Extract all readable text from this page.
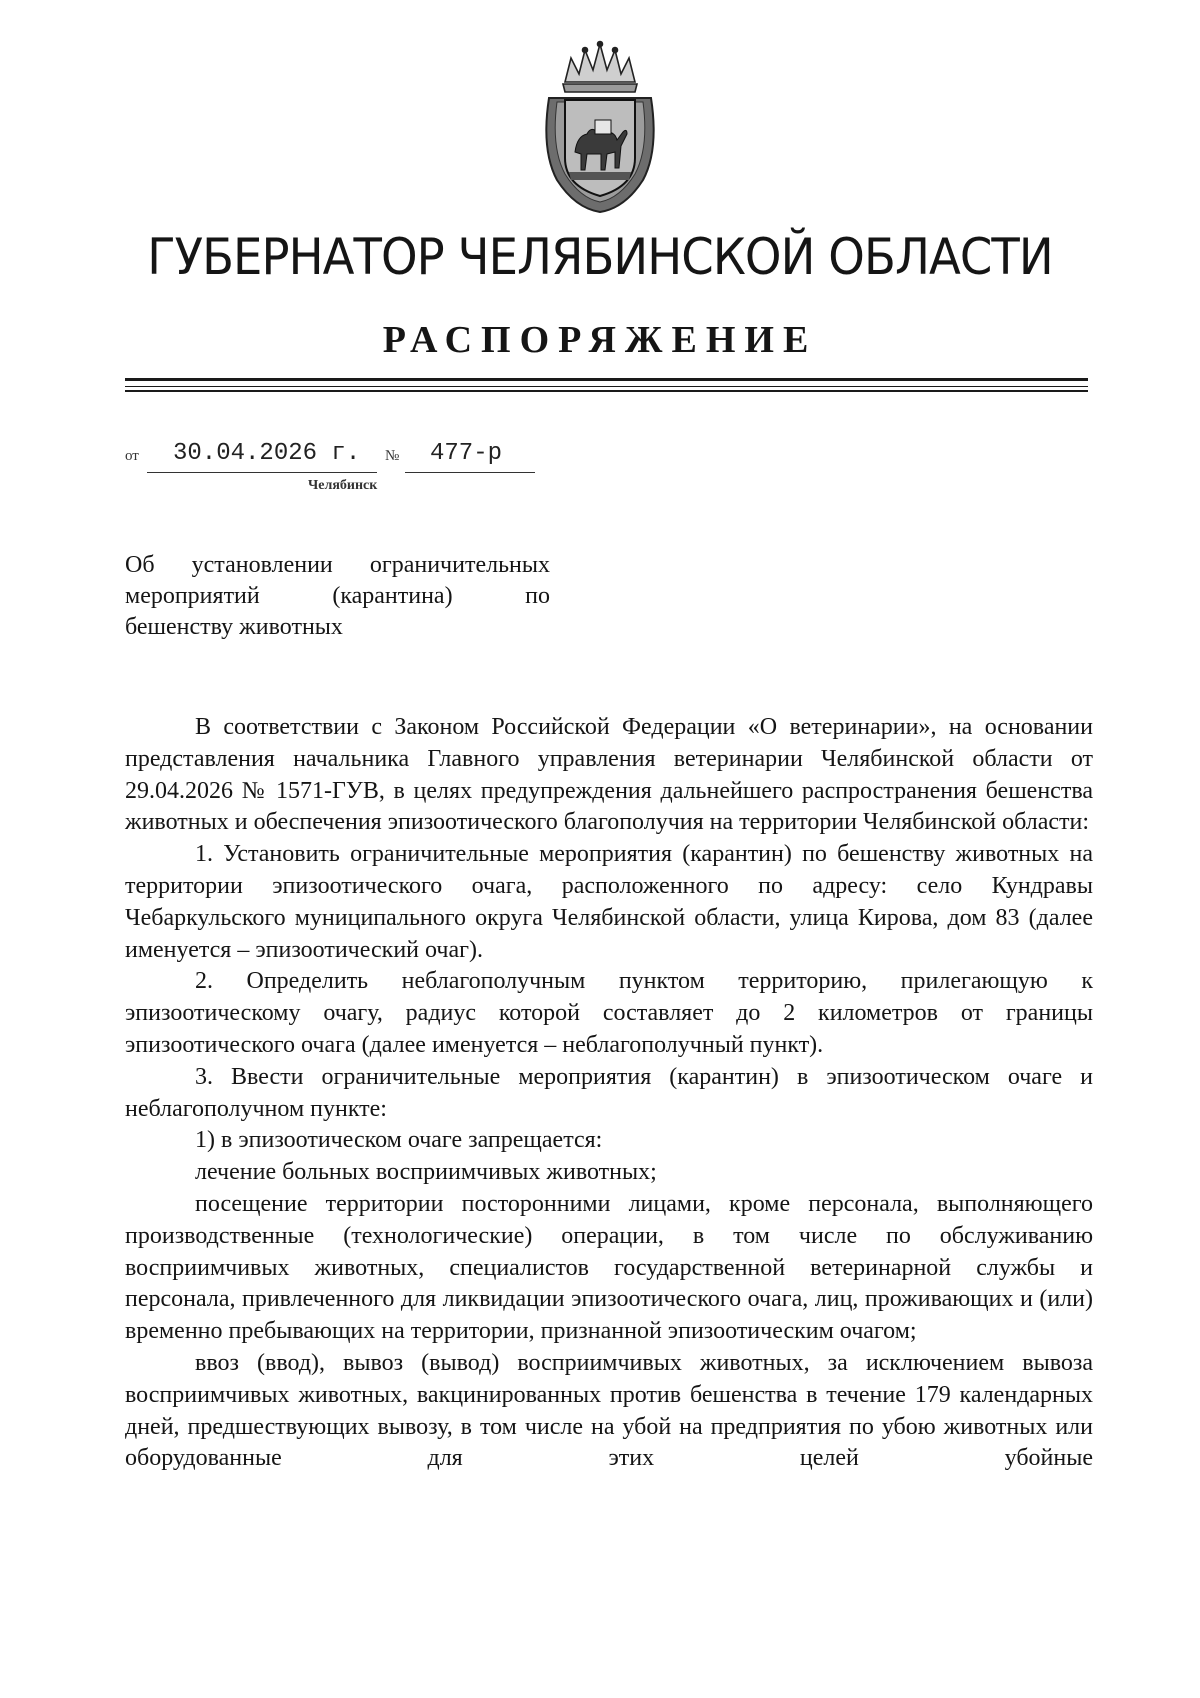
ГУБЕРНАТОР ЧЕЛЯБИНСКОЙ ОБЛАСТИ
РАСПОРЯЖЕНИЕ
от 30.04.2026 г. № 477-р
Челябинск
Об установлении ограничительных
мероприятий (карантина) по
бешенству животных

В соответствии с Законом Российской Федерации «О ветеринарии», на основании представления начальника Главного управления ветеринарии Челябинской области от 29.04.2026 № 1571-ГУВ, в целях предупреждения дальнейшего распространения бешенства животных и обеспечения эпизоотического благополучия на территории Челябинской области:

1. Установить ограничительные мероприятия (карантин) по бешенству животных на территории эпизоотического очага, расположенного по адресу: село Кундравы Чебаркульского муниципального округа Челябинской области, улица Кирова, дом 83 (далее именуется – эпизоотический очаг).

2. Определить неблагополучным пунктом территорию, прилегающую к эпизоотическому очагу, радиус которой составляет до 2 километров от границы эпизоотического очага (далее именуется – неблагополучный пункт).

3. Ввести ограничительные мероприятия (карантин) в эпизоотическом очаге и неблагополучном пункте:

1) в эпизоотическом очаге запрещается:

лечение больных восприимчивых животных;

посещение территории посторонними лицами, кроме персонала, выполняющего производственные (технологические) операции, в том числе по обслуживанию восприимчивых животных, специалистов государственной ветеринарной службы и персонала, привлеченного для ликвидации эпизоотического очага, лиц, проживающих и (или) временно пребывающих на территории, признанной эпизоотическим очагом;

ввоз (ввод), вывоз (вывод) восприимчивых животных, за исключением вывоза восприимчивых животных, вакцинированных против бешенства в течение 179 календарных дней, предшествующих вывозу, в том числе на убой на предприятия по убою животных или оборудованные для этих целей убойные
